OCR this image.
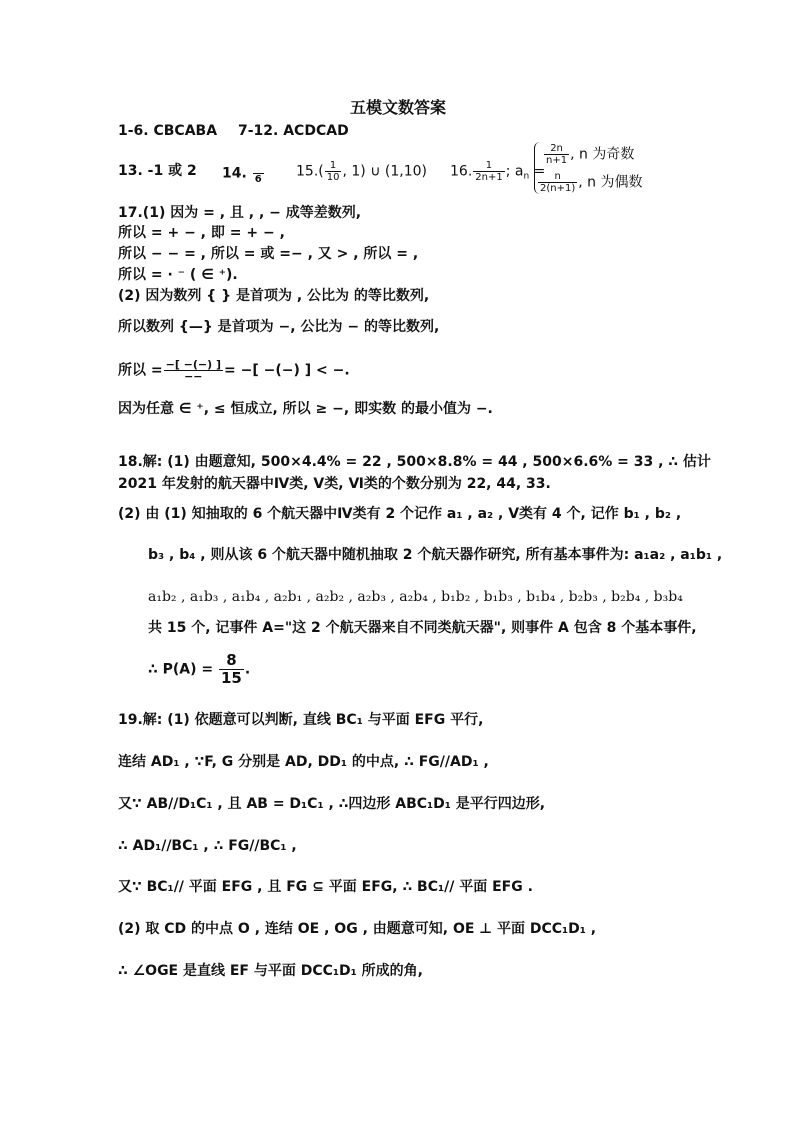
五模文数答案
1-6. CBCABA 7-12. ACDCAD
13. -1 或 2 14.
6 $15.( \frac{1}{10}$ , 1) ∪ (1,10) 16. $\frac{1}{2n+1}$ ; $a_n$ =
$\frac{2n}{n+1}$ , n 为奇数
$\frac{n}{2(n+1)}$ , n 为偶数
17.(1) 因为 = , 且 , , − 成等差数列,
所以 = + − , 即 = + − ,
所以 − − = , 所以 = 或 =− , 又 > , 所以 = ,
所以 = · ⁻ ( ∈ ⁺).
(2) 因为数列 { } 是首项为 , 公比为 的等比数列,
所以数列 {—} 是首项为 −, 公比为 − 的等比数列,
所以 = $\frac{-[ -(-) ]}{--}$ = −[ −(−) ] < −.
因为任意 ∈ ⁺, ≤ 恒成立, 所以 ≥ −, 即实数 的最小值为 −.
18.解: (1) 由题意知, 500×4.4% = 22 , 500×8.8% = 44 , 500×6.6% = 33 , ∴ 估计
2021 年发射的航天器中Ⅳ类, Ⅴ类, Ⅵ类的个数分别为 22, 44, 33.
(2) 由 (1) 知抽取的 6 个航天器中Ⅳ类有 2 个记作 a₁ , a₂ , Ⅴ类有 4 个, 记作 b₁ , b₂ ,
b₃ , b₄ , 则从该 6 个航天器中随机抽取 2 个航天器作研究, 所有基本事件为: a₁a₂ , a₁b₁ ,
a₁b₂ , a₁b₃ , a₁b₄ , a₂b₁ , a₂b₂ , a₂b₃ , a₂b₄ , b₁b₂ , b₁b₃ , b₁b₄ , b₂b₃ , b₂b₄ , b₃b₄
共 15 个, 记事件 A="这 2 个航天器来自不同类航天器", 则事件 A 包含 8 个基本事件,
∴ $P(A) = \frac{8}{15}$ .
19.解: (1) 依题意可以判断, 直线 BC₁ 与平面 EFG 平行,
连结 AD₁ , ∵F, G 分别是 AD, DD₁ 的中点, ∴ FG//AD₁ ,
又∵ AB//D₁C₁ , 且 AB = D₁C₁ , ∴四边形 ABC₁D₁ 是平行四边形,
∴ AD₁//BC₁ , ∴ FG//BC₁ ,
又∵ BC₁// 平面 EFG , 且 FG ⊆ 平面 EFG, ∴ BC₁// 平面 EFG .
(2) 取 CD 的中点 O , 连结 OE , OG , 由题意可知, OE ⊥ 平面 DCC₁D₁ ,
∴ ∠OGE 是直线 EF 与平面 DCC₁D₁ 所成的角,
